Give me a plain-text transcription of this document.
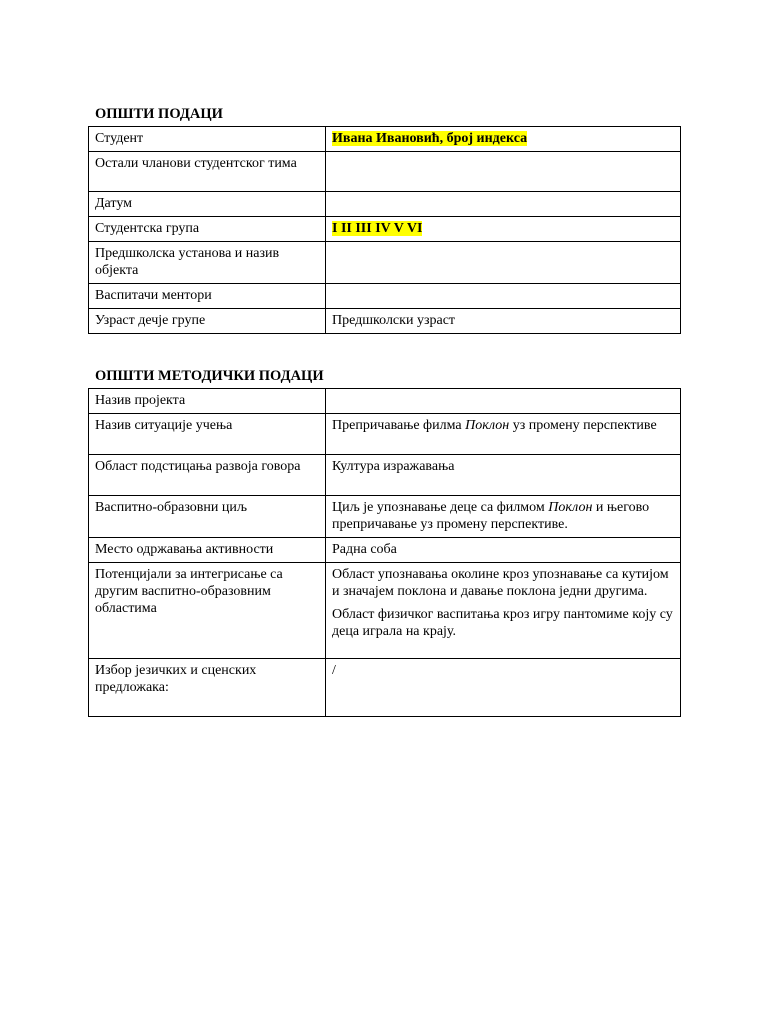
ОПШТИ ПОДАЦИ
Студент	Ивана Ивановић, број индекса
Остали чланови студентског тима	
Датум	
Студентска група	I II III IV V VI
Предшколска установа и назив објекта	
Васпитачи ментори	
Узраст дечје групе	Предшколски узраст
ОПШТИ МЕТОДИЧКИ ПОДАЦИ
Назив пројекта	
Назив ситуације учења	Препричавање филма Поклон уз промену перспективе
Област подстицања развоја говора	Култура изражавања
Васпитно-образовни циљ	Циљ је упознавање деце са филмом Поклон и његово препричавање уз промену перспективе.
Место одржавања активности	Радна соба
Потенцијали за интегрисање са другим васпитно-образовним областима	Област упознавања околине кроз упознавање са кутијом и значајем поклона и давање поклона једни другима.

Област физичког васпитања кроз игру пантомиме коју су деца играла на крају.

Избор језичких и сценских предложака:	/
